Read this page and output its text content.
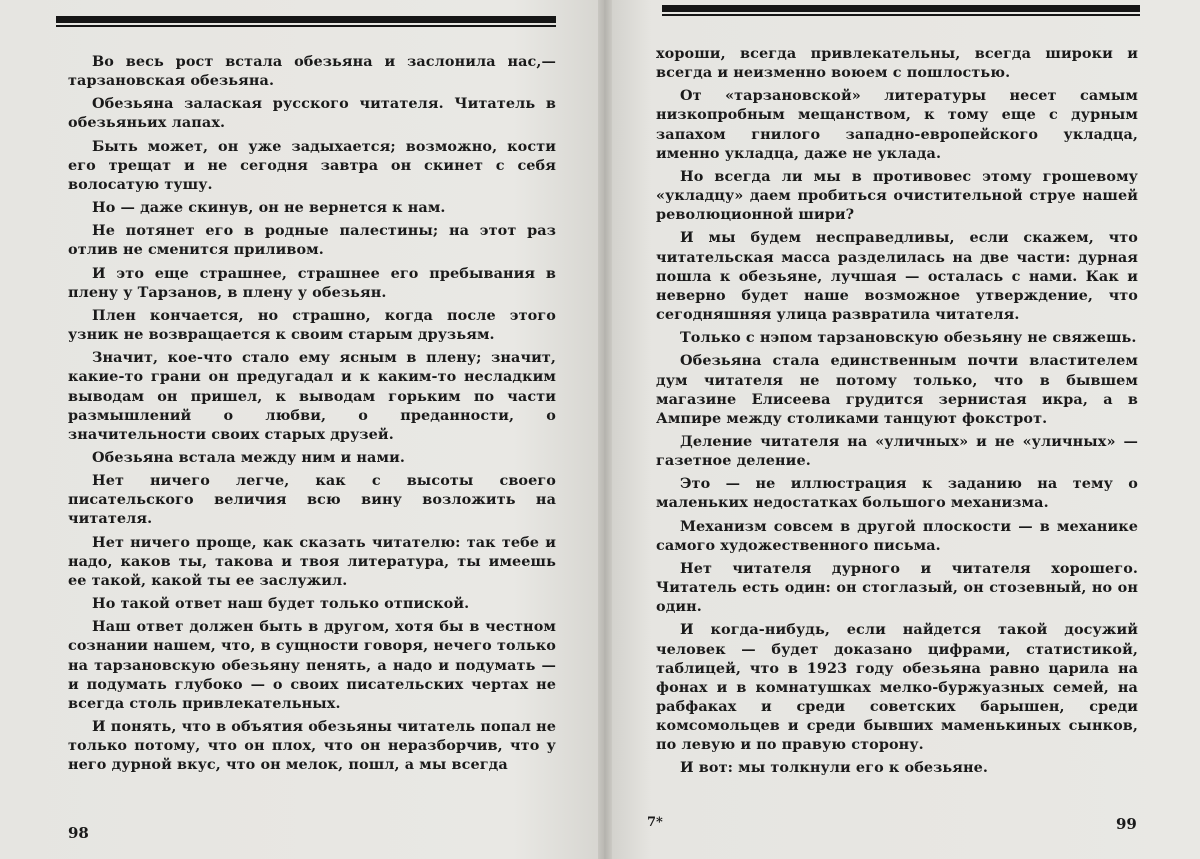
Во весь рост встала обезьяна и заслонила нас,— тарзановская обезьяна.

Обезьяна залаская русского читателя. Читатель в обезьяньих лапах.

Быть может, он уже задыхается; возможно, кости его трещат и не сегодня завтра он скинет с себя волосатую тушу.

Но — даже скинув, он не вернется к нам.

Не потянет его в родные палестины; на этот раз отлив не сменится приливом.

И это еще страшнее, страшнее его пребывания в плену у Тарзанов, в плену у обезьян.

Плен кончается, но страшно, когда после этого узник не возвращается к своим старым друзьям.

Значит, кое-что стало ему ясным в плену; значит, какие-то грани он предугадал и к каким-то несладким выводам он пришел, к выводам горьким по части размышлений о любви, о преданности, о значительности своих старых друзей.

Обезьяна встала между ним и нами.

Нет ничего легче, как с высоты своего писательского величия всю вину возложить на читателя.

Нет ничего проще, как сказать читателю: так тебе и надо, каков ты, такова и твоя литература, ты имеешь ее такой, какой ты ее заслужил.

Но такой ответ наш будет только отпиской.

Наш ответ должен быть в другом, хотя бы в честном сознании нашем, что, в сущности говоря, нечего только на тарзановскую обезьяну пенять, а надо и подумать — и подумать глубоко — о своих писательских чертах не всегда столь привлекательных.

И понять, что в объятия обезьяны читатель попал не только потому, что он плох, что он неразборчив, что у него дурной вкус, что он мелок, пошл, а мы всегда

98

хороши, всегда привлекательны, всегда широки и всегда и неизменно воюем с пошлостью.

От «тарзановской» литературы несет самым низкопробным мещанством, к тому еще с дурным запахом гнилого западно-европейского укладца, именно укладца, даже не уклада.

Но всегда ли мы в противовес этому грошевому «укладцу» даем пробиться очистительной струе нашей революционной шири?

И мы будем несправедливы, если скажем, что читательская масса разделилась на две части: дурная пошла к обезьяне, лучшая — осталась с нами. Как и неверно будет наше возможное утверждение, что сегодняшняя улица развратила читателя.

Только с нэпом тарзановскую обезьяну не свяжешь.

Обезьяна стала единственным почти властителем дум читателя не потому только, что в бывшем магазине Елисеева грудится зернистая икра, а в Ампире между столиками танцуют фокстрот.

Деление читателя на «уличных» и не «уличных» — газетное деление.

Это — не иллюстрация к заданию на тему о маленьких недостатках большого механизма.

Механизм совсем в другой плоскости — в механике самого художественного письма.

Нет читателя дурного и читателя хорошего. Читатель есть один: он стоглазый, он стозевный, но он один.

И когда-нибудь, если найдется такой досужий человек — будет доказано цифрами, статистикой, таблицей, что в 1923 году обезьяна равно царила на фонах и в комнатушках мелко-буржуазных семей, на рабфаках и среди советских барышен, среди комсомольцев и среди бывших маменькиных сынков, по левую и по правую сторону.

И вот: мы толкнули его к обезьяне.

7*	99
